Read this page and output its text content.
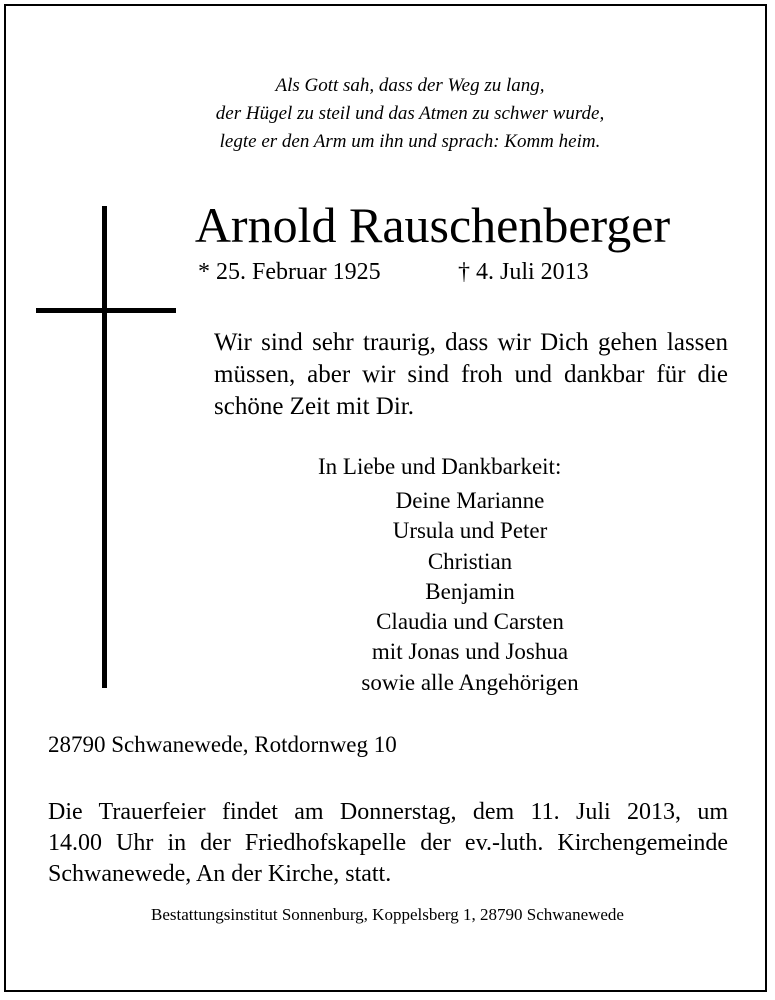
Als Gott sah, dass der Weg zu lang,
der Hügel zu steil und das Atmen zu schwer wurde,
legte er den Arm um ihn und sprach: Komm heim.
Arnold Rauschenberger
* 25. Februar 1925	† 4. Juli 2013
Wir sind sehr traurig, dass wir Dich gehen lassen
müssen, aber wir sind froh und dankbar für die
schöne Zeit mit Dir.
In Liebe und Dankbarkeit:
Deine Marianne
Ursula und Peter
Christian
Benjamin
Claudia und Carsten
mit Jonas und Joshua
sowie alle Angehörigen
28790 Schwanewede, Rotdornweg 10
Die Trauerfeier findet am Donnerstag, dem 11. Juli 2013, um
14.00 Uhr in der Friedhofskapelle der ev.-luth. Kirchengemeinde
Schwanewede, An der Kirche, statt.
Bestattungsinstitut Sonnenburg, Koppelsberg 1, 28790 Schwanewede
